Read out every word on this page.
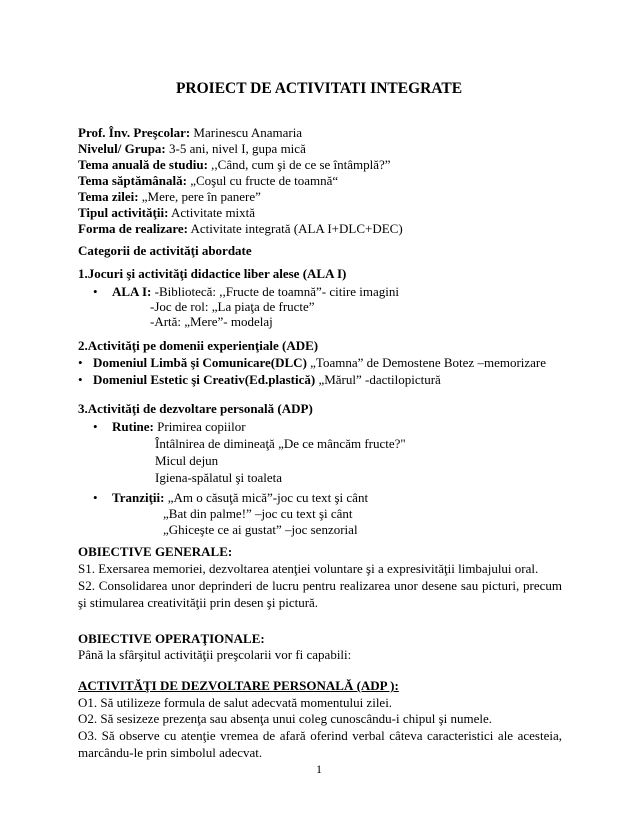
PROIECT DE ACTIVITATI INTEGRATE
Prof. Înv. Preşcolar: Marinescu Anamaria
Nivelul/ Grupa: 3-5 ani, nivel I, gupa mică
Tema anuală de studiu: ,,Când, cum şi de ce se întâmplă?”
Tema săptămânală: „Coşul cu fructe de toamnă“
Tema zilei: „Mere, pere în panere”
Tipul activităţii: Activitate mixtă
Forma de realizare: Activitate integrată (ALA I+DLC+DEC)
Categorii de activităţi abordate
1.Jocuri şi activităţi didactice liber alese (ALA I)
• ALA I: -Bibliotecă: ,,Fructe de toamnă”- citire imagini
-Joc de rol: „La piaţa de fructe”
-Artă: „Mere”- modelaj
2.Activităţi pe domenii experienţiale (ADE)
• Domeniul Limbă şi Comunicare(DLC) „Toamna” de Demostene Botez –memorizare
• Domeniul Estetic şi Creativ(Ed.plastică) „Mărul” -dactilopictură
3.Activităţi de dezvoltare personală (ADP)
• Rutine: Primirea copiilor
Întâlnirea de dimineaţă „De ce mâncăm fructe?"
Micul dejun
Igiena-spălatul şi toaleta
• Tranziţii: „Am o căsuţă mică”-joc cu text şi cânt
„Bat din palme!” –joc cu text şi cânt
„Ghiceşte ce ai gustat” –joc senzorial
OBIECTIVE GENERALE:
S1. Exersarea memoriei, dezvoltarea atenţiei voluntare şi a expresivităţii limbajului oral.
S2. Consolidarea unor deprinderi de lucru pentru realizarea unor desene sau picturi, precum şi stimularea creativităţii prin desen şi pictură.
OBIECTIVE OPERAŢIONALE:
Până la sfârşitul activităţii preşcolarii vor fi capabili:
ACTIVITĂŢI DE DEZVOLTARE PERSONALĂ (ADP ):
O1. Să utilizeze formula de salut adecvată momentului zilei.
O2. Să sesizeze prezenţa sau absenţa unui coleg cunoscându-i chipul şi numele.
O3. Să observe cu atenţie vremea de afară oferind verbal câteva caracteristici ale acesteia, marcându-le prin simbolul adecvat.
1
